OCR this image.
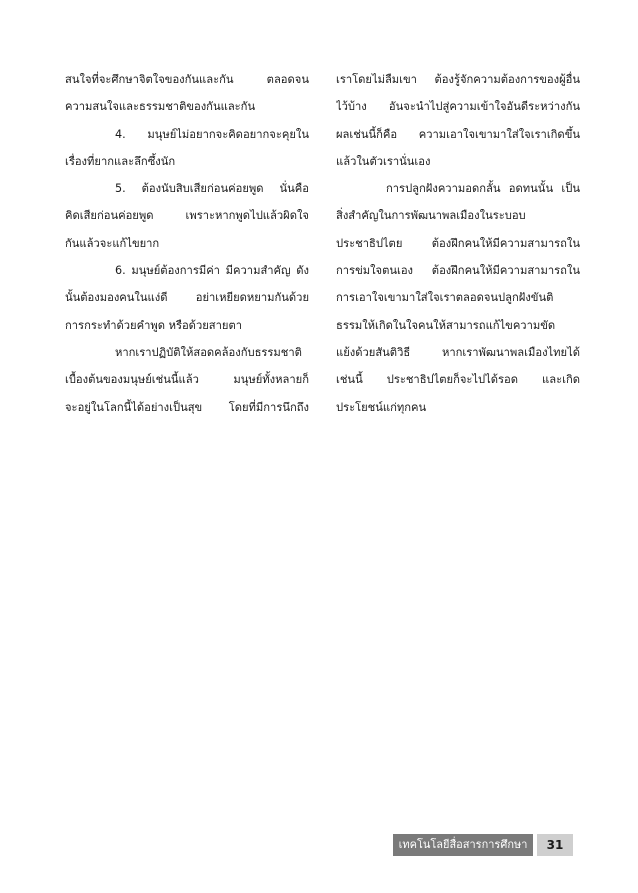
สนใจที่จะศึกษาจิตใจของกันและกัน ตลอดจน
ความสนใจและธรรมชาติของกันและกัน
4. มนุษย์ไม่อยากจะคิดอยากจะคุยใน
เรื่องที่ยากและลึกซึ้งนัก
5. ต้องนับสิบเสียก่อนค่อยพูด นั่นคือ
คิดเสียก่อนค่อยพูด เพราะหากพูดไปแล้วผิดใจ
กันแล้วจะแก้ไขยาก
6. มนุษย์ต้องการมีค่า มีความสำคัญ ดัง
นั้นต้องมองคนในแง่ดี อย่าเหยียดหยามกันด้วย
การกระทำด้วยคำพูด หรือด้วยสายตา
หากเราปฏิบัติให้สอดคล้องกับธรรมชาติ
เบื้องต้นของมนุษย์เช่นนี้แล้ว มนุษย์ทั้งหลายก็
จะอยู่ในโลกนี้ได้อย่างเป็นสุข โดยที่มีการนึกถึง
เราโดยไม่ลืมเขา ต้องรู้จักความต้องการของผู้อื่น
ไว้บ้าง อันจะนำไปสู่ความเข้าใจอันดีระหว่างกัน
ผลเช่นนี้ก็คือ ความเอาใจเขามาใส่ใจเราเกิดขึ้น
แล้วในตัวเรานั่นเอง
การปลูกฝังความอดกลั้น อดทนนั้น เป็น
สิ่งสำคัญในการพัฒนาพลเมืองในระบอบ
ประชาธิปไตย ต้องฝึกคนให้มีความสามารถใน
การข่มใจตนเอง ต้องฝึกคนให้มีความสามารถใน
การเอาใจเขามาใส่ใจเราตลอดจนปลูกฝังขันติ
ธรรมให้เกิดในใจคนให้สามารถแก้ไขความขัด
แย้งด้วยสันติวิธี หากเราพัฒนาพลเมืองไทยได้
เช่นนี้ ประชาธิปไตยก็จะไปได้รอด และเกิด
ประโยชน์แก่ทุกคน
เทคโนโลยีสื่อสารการศึกษา	31
